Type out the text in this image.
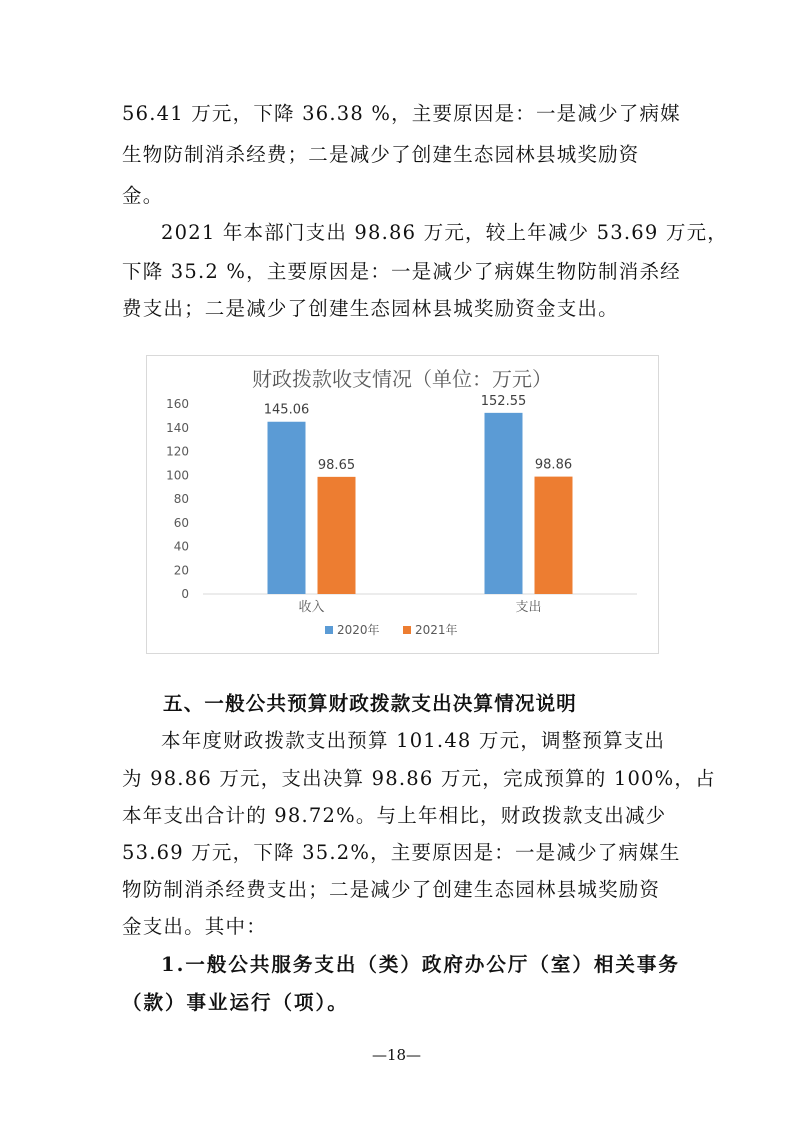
56.41 万元，下降 36.38 %，主要原因是：一是减少了病媒
生物防制消杀经费；二是减少了创建生态园林县城奖励资
金。
2021 年本部门支出 98.86 万元，较上年减少 53.69 万元，
下降 35.2 %，主要原因是：一是减少了病媒生物防制消杀经
费支出；二是减少了创建生态园林县城奖励资金支出。
财政拨款收支情况（单位：万元）
0
20
40
60
80
100
120
140
160	145.06
98.65
收入
152.55
98.86
支出
2020年	2021年
五、一般公共预算财政拨款支出决算情况说明
本年度财政拨款支出预算 101.48 万元，调整预算支出
为 98.86 万元，支出决算 98.86 万元，完成预算的 100%，占
本年支出合计的 98.72%。与上年相比，财政拨款支出减少
53.69 万元，下降 35.2%，主要原因是：一是减少了病媒生
物防制消杀经费支出；二是减少了创建生态园林县城奖励资
金支出。其中：
1.一般公共服务支出（类）政府办公厅（室）相关事务
（款）事业运行（项）。
—18—
